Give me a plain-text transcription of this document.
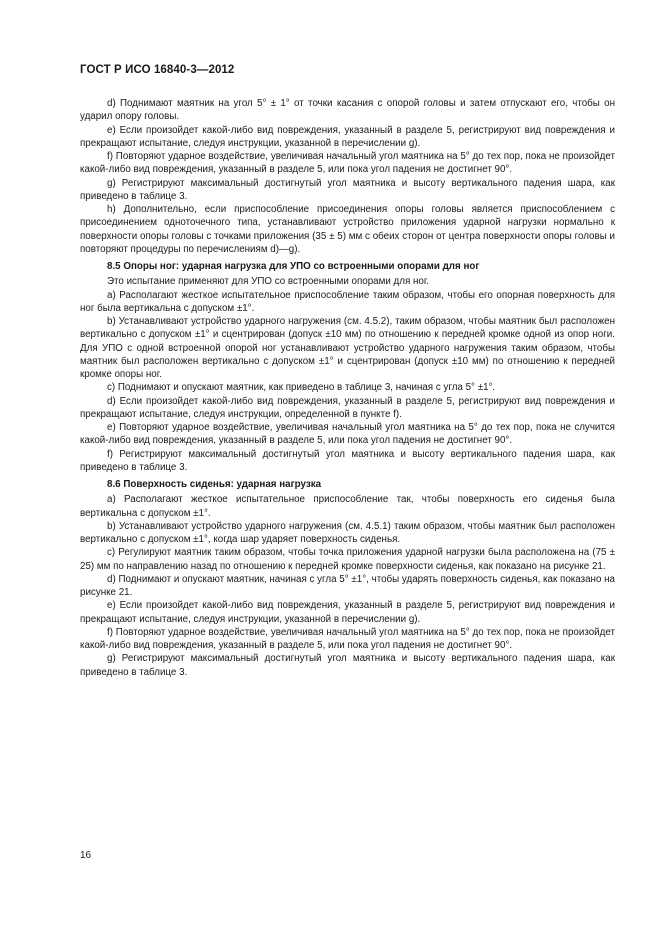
ГОСТ Р ИСО 16840-3—2012

d) Поднимают маятник на угол 5° ± 1° от точки касания с опорой головы и затем отпускают его, чтобы он ударил опору головы.

e) Если произойдет какой-либо вид повреждения, указанный в разделе 5, регистрируют вид повреждения и прекращают испытание, следуя инструкции, указанной в перечислении g).

f) Повторяют ударное воздействие, увеличивая начальный угол маятника на 5° до тех пор, пока не произойдет какой-либо вид повреждения, указанный в разделе 5, или пока угол падения не достигнет 90°.

g) Регистрируют максимальный достигнутый угол маятника и высоту вертикального падения шара, как приведено в таблице 3.

h) Дополнительно, если приспособление присоединения опоры головы является приспособлением с присоединением одноточечного типа, устанавливают устройство приложения ударной нагрузки нормально к поверхности опоры головы с точками приложения (35 ± 5) мм с обеих сторон от центра поверхности опоры головы и повторяют процедуры по перечислениям d)—g).

8.5 Опоры ног: ударная нагрузка для УПО со встроенными опорами для ног

Это испытание применяют для УПО со встроенными опорами для ног.

a) Располагают жесткое испытательное приспособление таким образом, чтобы его опорная поверхность для ног была вертикальна с допуском ±1°.

b) Устанавливают устройство ударного нагружения (см. 4.5.2), таким образом, чтобы маятник был расположен вертикально с допуском ±1° и сцентрирован (допуск ±10 мм) по отношению к передней кромке одной из опор ноги. Для УПО с одной встроенной опорой ног устанавливают устройство ударного нагружения таким образом, чтобы маятник был расположен вертикально с допуском ±1° и сцентрирован (допуск ±10 мм) по отношению к передней кромке опоры ног.

c) Поднимают и опускают маятник, как приведено в таблице 3, начиная с угла 5° ±1°.

d) Если произойдет какой-либо вид повреждения, указанный в разделе 5, регистрируют вид повреждения и прекращают испытание, следуя инструкции, определенной в пункте f).

e) Повторяют ударное воздействие, увеличивая начальный угол маятника на 5° до тех пор, пока не случится какой-либо вид повреждения, указанный в разделе 5, или пока угол падения не достигнет 90°.

f) Регистрируют максимальный достигнутый угол маятника и высоту вертикального падения шара, как приведено в таблице 3.

8.6 Поверхность сиденья: ударная нагрузка

a) Располагают жесткое испытательное приспособление так, чтобы поверхность его сиденья была вертикальна с допуском ±1°.

b) Устанавливают устройство ударного нагружения (см. 4.5.1) таким образом, чтобы маятник был расположен вертикально с допуском ±1°, когда шар ударяет поверхность сиденья.

c) Регулируют маятник таким образом, чтобы точка приложения ударной нагрузки была расположена на (75 ± 25) мм по направлению назад по отношению к передней кромке поверхности сиденья, как показано на рисунке 21.

d) Поднимают и опускают маятник, начиная с угла 5° ±1°, чтобы ударять поверхность сиденья, как показано на рисунке 21.

e) Если произойдет какой-либо вид повреждения, указанный в разделе 5, регистрируют вид повреждения и прекращают испытание, следуя инструкции, указанной в перечислении g).

f) Повторяют ударное воздействие, увеличивая начальный угол маятника на 5° до тех пор, пока не произойдет какой-либо вид повреждения, указанный в разделе 5, или пока угол падения не достигнет 90°.

g) Регистрируют максимальный достигнутый угол маятника и высоту вертикального падения шара, как приведено в таблице 3.

16
